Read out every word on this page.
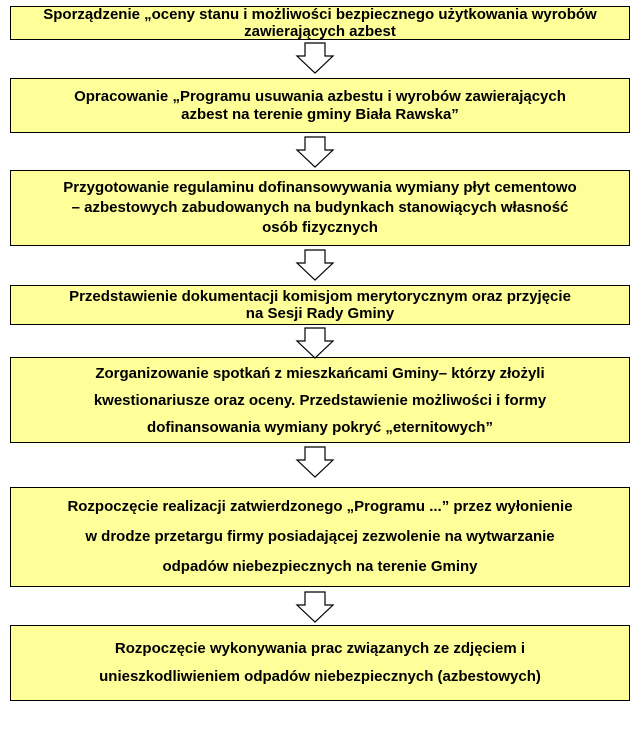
Sporządzenie „oceny stanu i możliwości bezpiecznego użytkowania wyrobów
zawierających azbest
Opracowanie „Programu usuwania azbestu i wyrobów zawierających
azbest na terenie gminy Biała Rawska”
Przygotowanie regulaminu dofinansowywania wymiany płyt cementowo
– azbestowych zabudowanych na budynkach stanowiących własność
osób fizycznych
Przedstawienie dokumentacji komisjom merytorycznym oraz przyjęcie
na Sesji Rady Gminy
Zorganizowanie spotkań z mieszkańcami Gminy– którzy złożyli
kwestionariusze oraz oceny. Przedstawienie możliwości i formy
dofinansowania wymiany pokryć „eternitowych”
Rozpoczęcie realizacji zatwierdzonego „Programu ...” przez wyłonienie
w drodze przetargu firmy posiadającej zezwolenie na wytwarzanie
odpadów niebezpiecznych na terenie Gminy
Rozpoczęcie wykonywania prac związanych ze zdjęciem i
unieszkodliwieniem odpadów niebezpiecznych (azbestowych)
